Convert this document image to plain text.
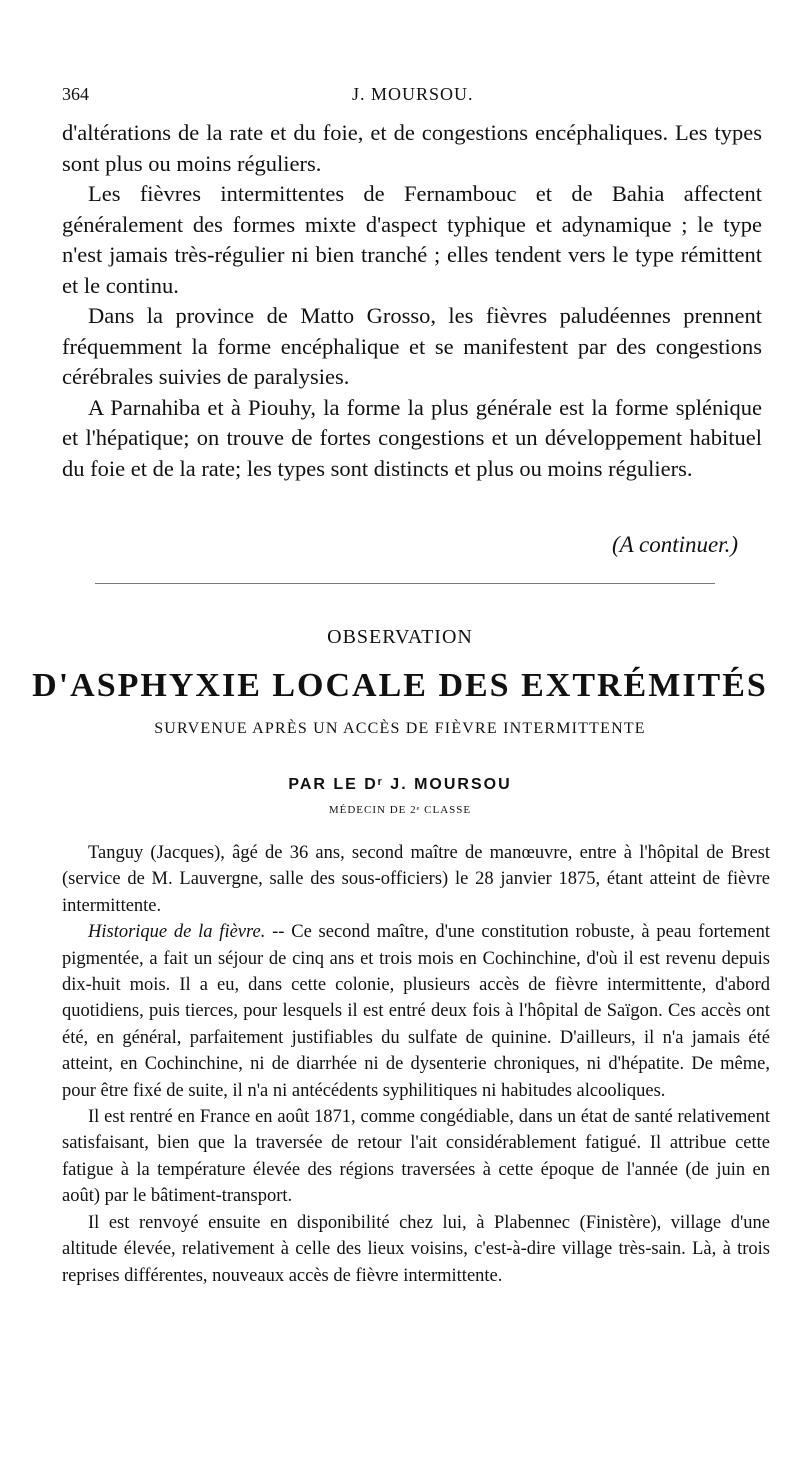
364	J. MOURSOU.

d'altérations de la rate et du foie, et de congestions encéphaliques. Les types sont plus ou moins réguliers.

Les fièvres intermittentes de Fernambouc et de Bahia affectent généralement des formes mixte d'aspect typhique et adynamique ; le type n'est jamais très-régulier ni bien tranché ; elles tendent vers le type rémittent et le continu.

Dans la province de Matto Grosso, les fièvres paludéennes prennent fréquemment la forme encéphalique et se manifestent par des congestions cérébrales suivies de paralysies.

A Parnahiba et à Piouhy, la forme la plus générale est la forme splénique et l'hépatique; on trouve de fortes congestions et un développement habituel du foie et de la rate; les types sont distincts et plus ou moins réguliers.

(A continuer.)
OBSERVATION
D'ASPHYXIE LOCALE DES EXTRÉMITÉS
SURVENUE APRÈS UN ACCÈS DE FIÈVRE INTERMITTENTE
PAR LE Dʳ J. MOURSOU
MÉDECIN DE 2ᵉ CLASSE

Tanguy (Jacques), âgé de 36 ans, second maître de manœuvre, entre à l'hôpital de Brest (service de M. Lauvergne, salle des sous-officiers) le 28 janvier 1875, étant atteint de fièvre intermittente.

Historique de la fièvre. -- Ce second maître, d'une constitution robuste, à peau fortement pigmentée, a fait un séjour de cinq ans et trois mois en Cochinchine, d'où il est revenu depuis dix-huit mois. Il a eu, dans cette colonie, plusieurs accès de fièvre intermittente, d'abord quotidiens, puis tierces, pour lesquels il est entré deux fois à l'hôpital de Saïgon. Ces accès ont été, en général, parfaitement justifiables du sulfate de quinine. D'ailleurs, il n'a jamais été atteint, en Cochinchine, ni de diarrhée ni de dysenterie chroniques, ni d'hépatite. De même, pour être fixé de suite, il n'a ni antécédents syphilitiques ni habitudes alcooliques.

Il est rentré en France en août 1871, comme congédiable, dans un état de santé relativement satisfaisant, bien que la traversée de retour l'ait considérablement fatigué. Il attribue cette fatigue à la température élevée des régions traversées à cette époque de l'année (de juin en août) par le bâtiment-transport.

Il est renvoyé ensuite en disponibilité chez lui, à Plabennec (Finistère), village d'une altitude élevée, relativement à celle des lieux voisins, c'est-à-dire village très-sain. Là, à trois reprises différentes, nouveaux accès de fièvre intermittente.
